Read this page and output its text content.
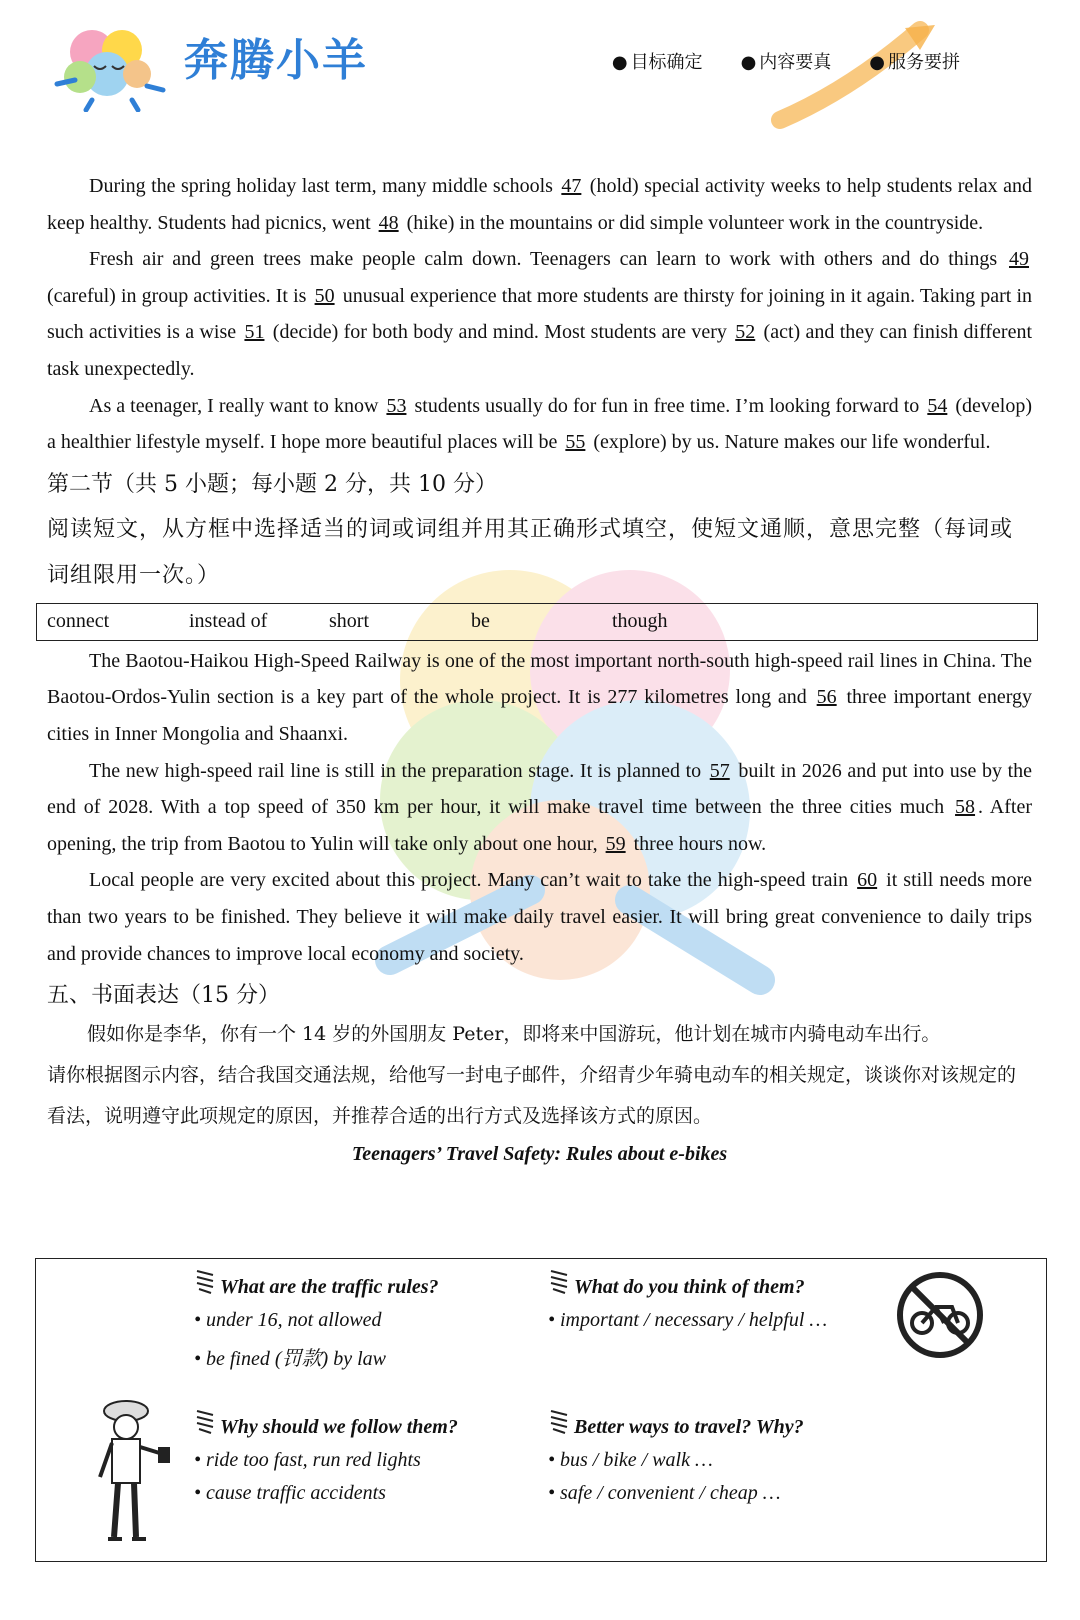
奔腾小羊	● 目标确定	● 内容要真	● 服务要拼

During the spring holiday last term, many middle schools 47 (hold) special activity weeks to help students relax and keep healthy. Students had picnics, went 48 (hike) in the mountains or did simple volunteer work in the countryside.

Fresh air and green trees make people calm down. Teenagers can learn to work with others and do things 49 (careful) in group activities. It is 50 unusual experience that more students are thirsty for joining in it again. Taking part in such activities is a wise 51 (decide) for both body and mind. Most students are very 52 (act) and they can finish different task unexpectedly.

As a teenager, I really want to know 53 students usually do for fun in free time. I’m looking forward to 54 (develop) a healthier lifestyle myself. I hope more beautiful places will be 55 (explore) by us. Nature makes our life wonderful.

第二节（共 5 小题；每小题 2 分，共 10 分）

阅读短文，从方框中选择适当的词或词组并用其正确形式填空，使短文通顺，意思完整（每词或词组限用一次。）

connect	instead of	short	be	though

The Baotou-Haikou High-Speed Railway is one of the most important north-south high-speed rail lines in China. The Baotou-Ordos-Yulin section is a key part of the whole project. It is 277 kilometres long and 56 three important energy cities in Inner Mongolia and Shaanxi.

The new high-speed rail line is still in the preparation stage. It is planned to 57 built in 2026 and put into use by the end of 2028. With a top speed of 350 km per hour, it will make travel time between the three cities much 58 . After opening, the trip from Baotou to Yulin will take only about one hour, 59 three hours now.

Local people are very excited about this project. Many can’t wait to take the high-speed train 60 it still needs more than two years to be finished. They believe it will make daily travel easier. It will bring great convenience to daily trips and provide chances to improve local economy and society.

五、书面表达（15 分）

假如你是李华，你有一个 14 岁的外国朋友 Peter，即将来中国游玩，他计划在城市内骑电动车出行。

请你根据图示内容，结合我国交通法规，给他写一封电子邮件，介绍青少年骑电动车的相关规定，谈谈你对该规定的看法，说明遵守此项规定的原因，并推荐合适的出行方式及选择该方式的原因。

Teenagers’ Travel Safety: Rules about e-bikes
What are the traffic rules?
• under 16, not allowed
• be fined (罚款) by law
What do you think of them?
• important / necessary / helpful …
Why should we follow them?
• ride too fast, run red lights
• cause traffic accidents
Better ways to travel? Why?
• bus / bike / walk …
• safe / convenient / cheap …
